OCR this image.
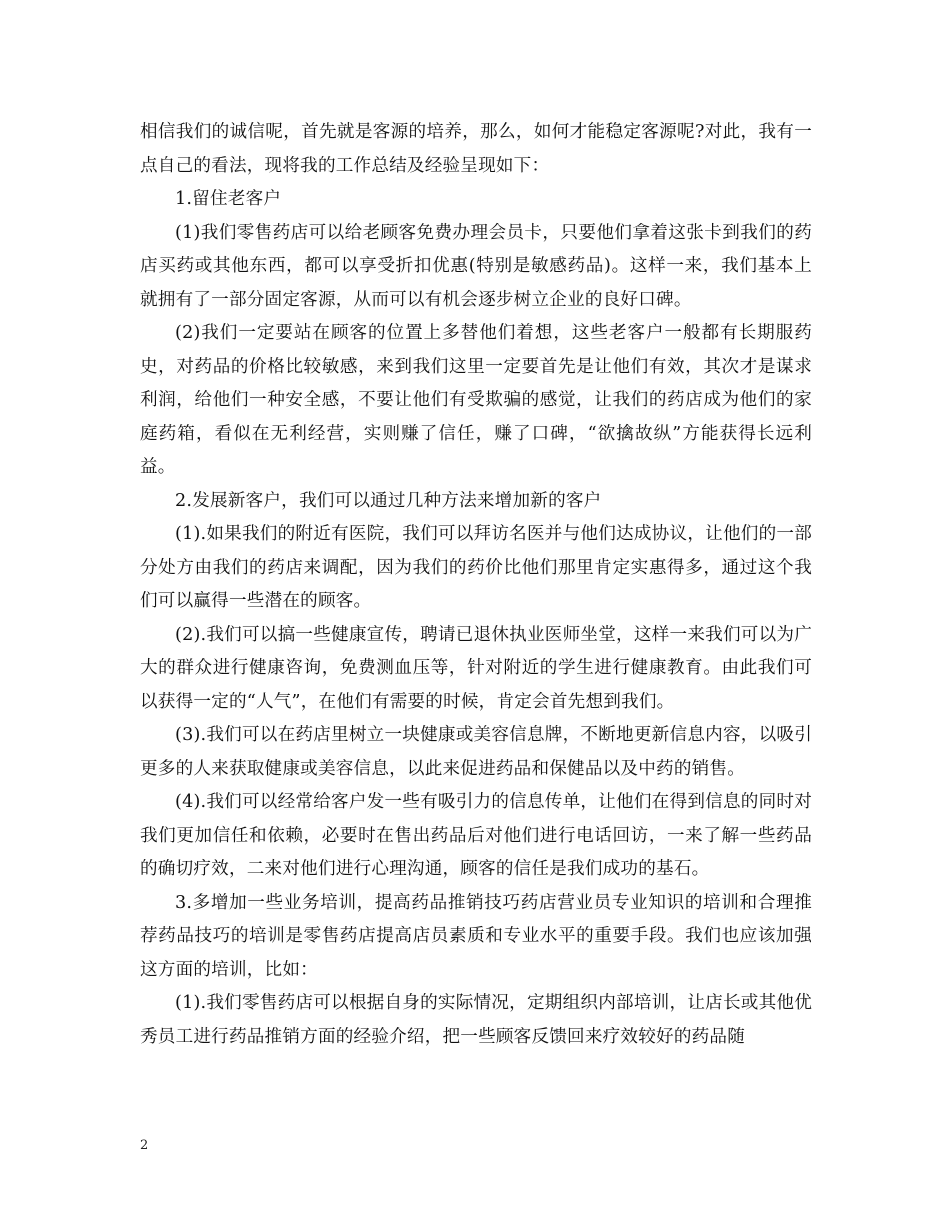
相信我们的诚信呢，首先就是客源的培养，那么，如何才能稳定客源呢?对此，我有一点自己的看法，现将我的工作总结及经验呈现如下：

1.留住老客户

(1)我们零售药店可以给老顾客免费办理会员卡，只要他们拿着这张卡到我们的药店买药或其他东西，都可以享受折扣优惠(特别是敏感药品)。这样一来，我们基本上就拥有了一部分固定客源，从而可以有机会逐步树立企业的良好口碑。

(2)我们一定要站在顾客的位置上多替他们着想，这些老客户一般都有长期服药史，对药品的价格比较敏感，来到我们这里一定要首先是让他们有效，其次才是谋求利润，给他们一种安全感，不要让他们有受欺骗的感觉，让我们的药店成为他们的家庭药箱，看似在无利经营，实则赚了信任，赚了口碑，“欲擒故纵”方能获得长远利益。

2.发展新客户，我们可以通过几种方法来增加新的客户

(1).如果我们的附近有医院，我们可以拜访名医并与他们达成协议，让他们的一部分处方由我们的药店来调配，因为我们的药价比他们那里肯定实惠得多，通过这个我们可以赢得一些潜在的顾客。

(2).我们可以搞一些健康宣传，聘请已退休执业医师坐堂，这样一来我们可以为广大的群众进行健康咨询，免费测血压等，针对附近的学生进行健康教育。由此我们可以获得一定的“人气”，在他们有需要的时候，肯定会首先想到我们。

(3).我们可以在药店里树立一块健康或美容信息牌，不断地更新信息内容，以吸引更多的人来获取健康或美容信息，以此来促进药品和保健品以及中药的销售。

(4).我们可以经常给客户发一些有吸引力的信息传单，让他们在得到信息的同时对我们更加信任和依赖，必要时在售出药品后对他们进行电话回访，一来了解一些药品的确切疗效，二来对他们进行心理沟通，顾客的信任是我们成功的基石。

3.多增加一些业务培训，提高药品推销技巧药店营业员专业知识的培训和合理推荐药品技巧的培训是零售药店提高店员素质和专业水平的重要手段。我们也应该加强这方面的培训，比如：

(1).我们零售药店可以根据自身的实际情况，定期组织内部培训，让店长或其他优秀员工进行药品推销方面的经验介绍，把一些顾客反馈回来疗效较好的药品随

2
